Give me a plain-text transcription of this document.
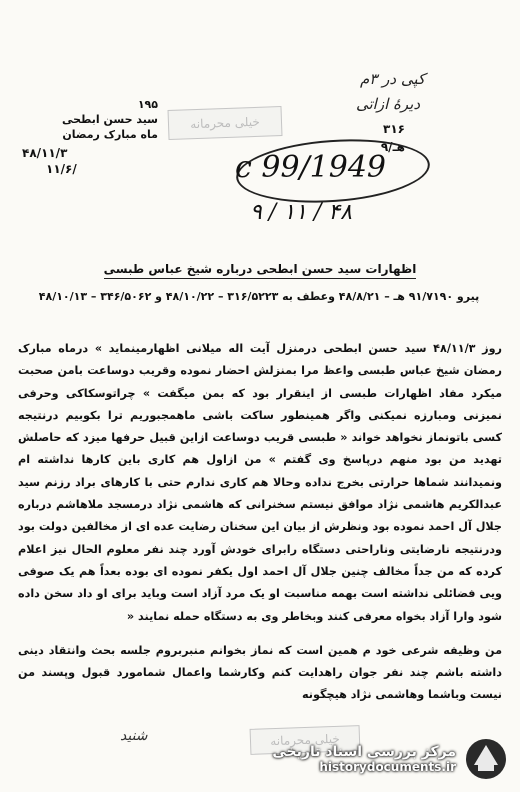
کپی در ۳م
دیرۀ ازاتی
خیلی محرمانه	۳۱۶
۹/هـ
۱۹۵
سید حسن ابطحی
ماه مبارک رمضان
۴۸/۱۱/۳
۱۱/۶/	c 99/1949
۹ / ۱۱ / ۴۸
اظهارات سید حسن ابطحی درباره شیخ عباس طبسی
پیرو ۹۱/۷۱۹۰ هـ – ۴۸/۸/۲۱ وعطف به ۳۱۶/۵۲۲۳ – ۴۸/۱۰/۲۲ و ۳۴۶/۵۰۶۲ – ۴۸/۱۰/۱۳

روز ۴۸/۱۱/۳ سید حسن ابطحی درمنزل آیت اله میلانی اظهارمینماید » درماه مبارک رمضان شیخ عباس طبسی واعظ مرا بمنزلش احضار نموده وقریب دوساعت بامن صحبت میکرد مفاد اظهارات طبسی از اینقرار بود که بمن میگفت » چراتوسکاکی وحرفی نمیزنی ومبارزه نمیکنی واگر همینطور ساکت باشی ماهمجبوریم ترا بکوبیم درنتیجه کسی باتونماز نخواهد خواند « طبسی قریب دوساعت ازاین قبیل حرفها میزد که حاصلش تهدید من بود منهم درپاسخ وی گفتم » من ازاول هم کاری باین کارها نداشته ام ونمیدانند شماها حرارتی بخرج نداده وحالا هم کاری ندارم حتی با کارهای براد رزنم سید عبدالکریم هاشمی نژاد موافق نیستم سخنرانی که هاشمی نژاد درمسجد ملاهاشم درباره جلال آل احمد نموده بود ونظرش از بیان این سخنان رضایت عده ای از مخالفین دولت بود ودرنتیجه نارضایتی وناراحتی دستگاه رابرای خودش آورد چند نفر معلوم الحال نیز اعلام کرده که من جداً مخالف چنین جلال آل احمد اول یکفر نموده ای بوده بعداً هم یک صوفی ویی فضائلی نداشته است بهمه مناسبت او یک مرد آزاد است وباید برای او داد سخن داده شود وارا آزاد بخواه معرفی کنند وبخاطر وی به دستگاه حمله نمایند «

من وظیفه شرعی خود م همین است که نماز بخوانم منبربروم جلسه بحث وانتقاد دینی داشته باشم چند نفر جوان راهدایت کنم وکارشما واعمال شمامورد قبول وپسند من نیست وباشما وهاشمی نژاد هیچگونه

خیلی محرمانه
شنید
مرکز بررسی اسناد تاریخی
historydocuments.ir
